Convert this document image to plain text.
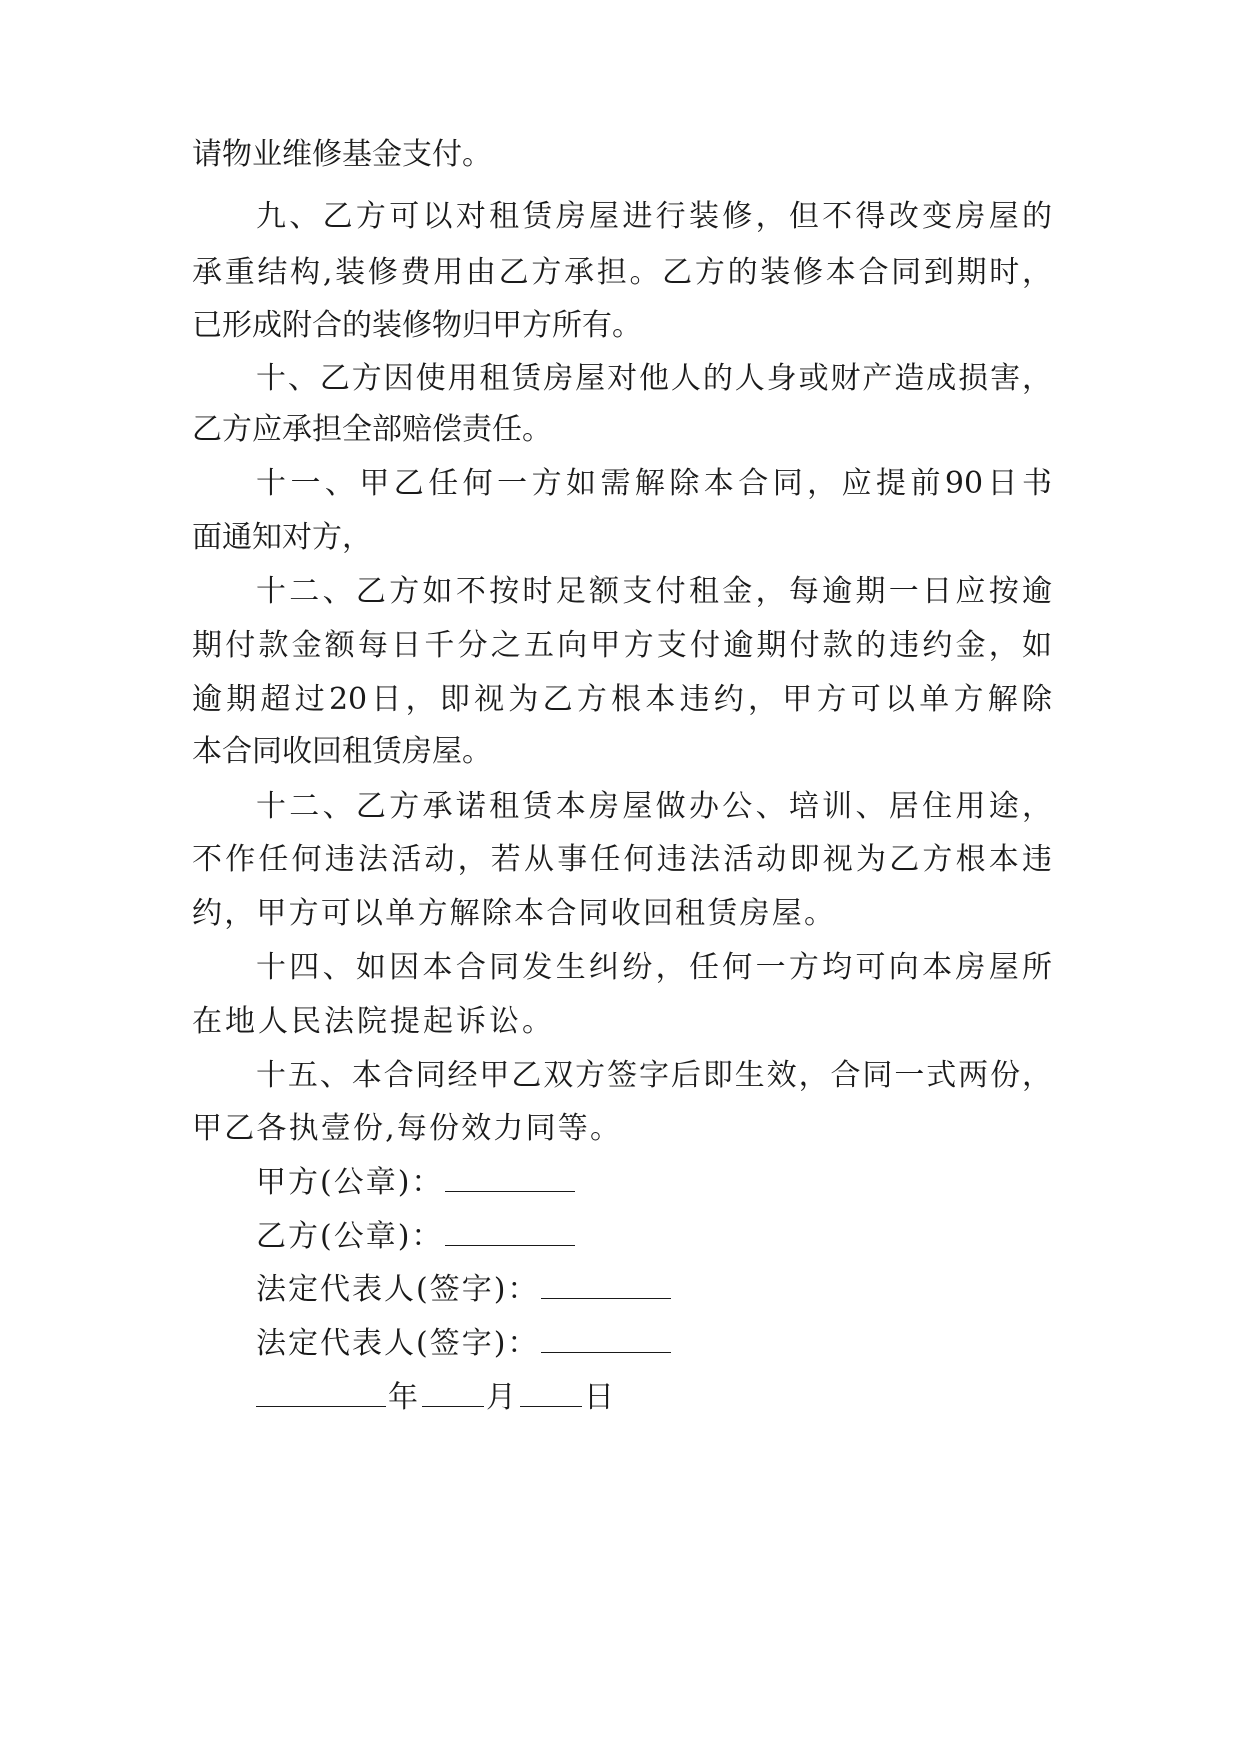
请物业维修基金支付。
九、乙方可以对租赁房屋进行装修，但不得改变房屋的
承重结构,装修费用由乙方承担。乙方的装修本合同到期时，
已形成附合的装修物归甲方所有。
十、乙方因使用租赁房屋对他人的人身或财产造成损害，
乙方应承担全部赔偿责任。
十一、甲乙任何一方如需解除本合同，应提前90日书
面通知对方，
十二、乙方如不按时足额支付租金，每逾期一日应按逾
期付款金额每日千分之五向甲方支付逾期付款的违约金，如
逾期超过20日，即视为乙方根本违约，甲方可以单方解除
本合同收回租赁房屋。
十二、乙方承诺租赁本房屋做办公、培训、居住用途，
不作任何违法活动，若从事任何违法活动即视为乙方根本违
约，甲方可以单方解除本合同收回租赁房屋。
十四、如因本合同发生纠纷，任何一方均可向本房屋所
在地人民法院提起诉讼。
十五、本合同经甲乙双方签字后即生效，合同一式两份，
甲乙各执壹份,每份效力同等。
甲方(公章)：
乙方(公章)：
法定代表人(签字)：
法定代表人(签字)：
年 月 日
